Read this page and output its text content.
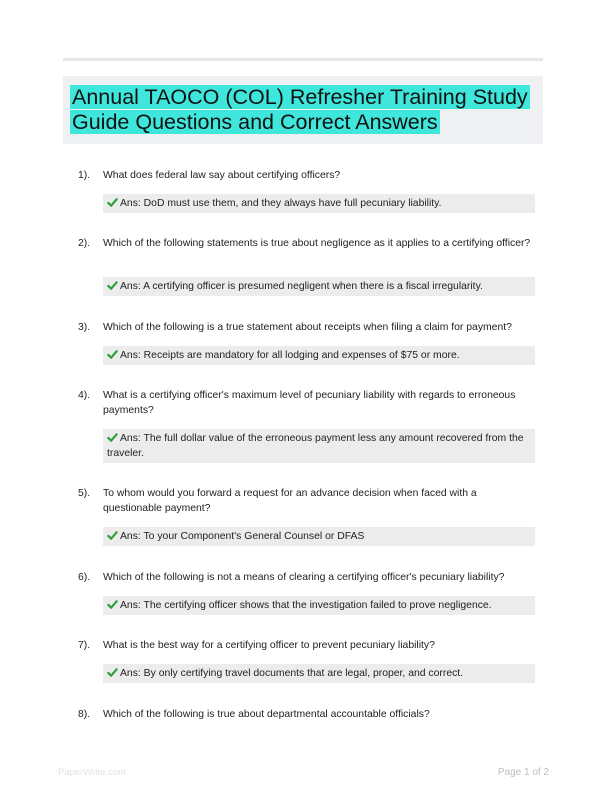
Annual TAOCO (COL) Refresher Training Study Guide Questions and Correct Answers
1). What does federal law say about certifying officers?
Ans: DoD must use them, and they always have full pecuniary liability.
2). Which of the following statements is true about negligence as it applies to a certifying officer?
Ans: A certifying officer is presumed negligent when there is a fiscal irregularity.
3). Which of the following is a true statement about receipts when filing a claim for payment?
Ans: Receipts are mandatory for all lodging and expenses of $75 or more.
4). What is a certifying officer's maximum level of pecuniary liability with regards to erroneous payments?
Ans: The full dollar value of the erroneous payment less any amount recovered from the traveler.
5). To whom would you forward a request for an advance decision when faced with a questionable payment?
Ans: To your Component's General Counsel or DFAS
6). Which of the following is not a means of clearing a certifying officer's pecuniary liability?
Ans: The certifying officer shows that the investigation failed to prove negligence.
7). What is the best way for a certifying officer to prevent pecuniary liability?
Ans: By only certifying travel documents that are legal, proper, and correct.
8). Which of the following is true about departmental accountable officials?
PaperWrite.com	Page 1 of 2
